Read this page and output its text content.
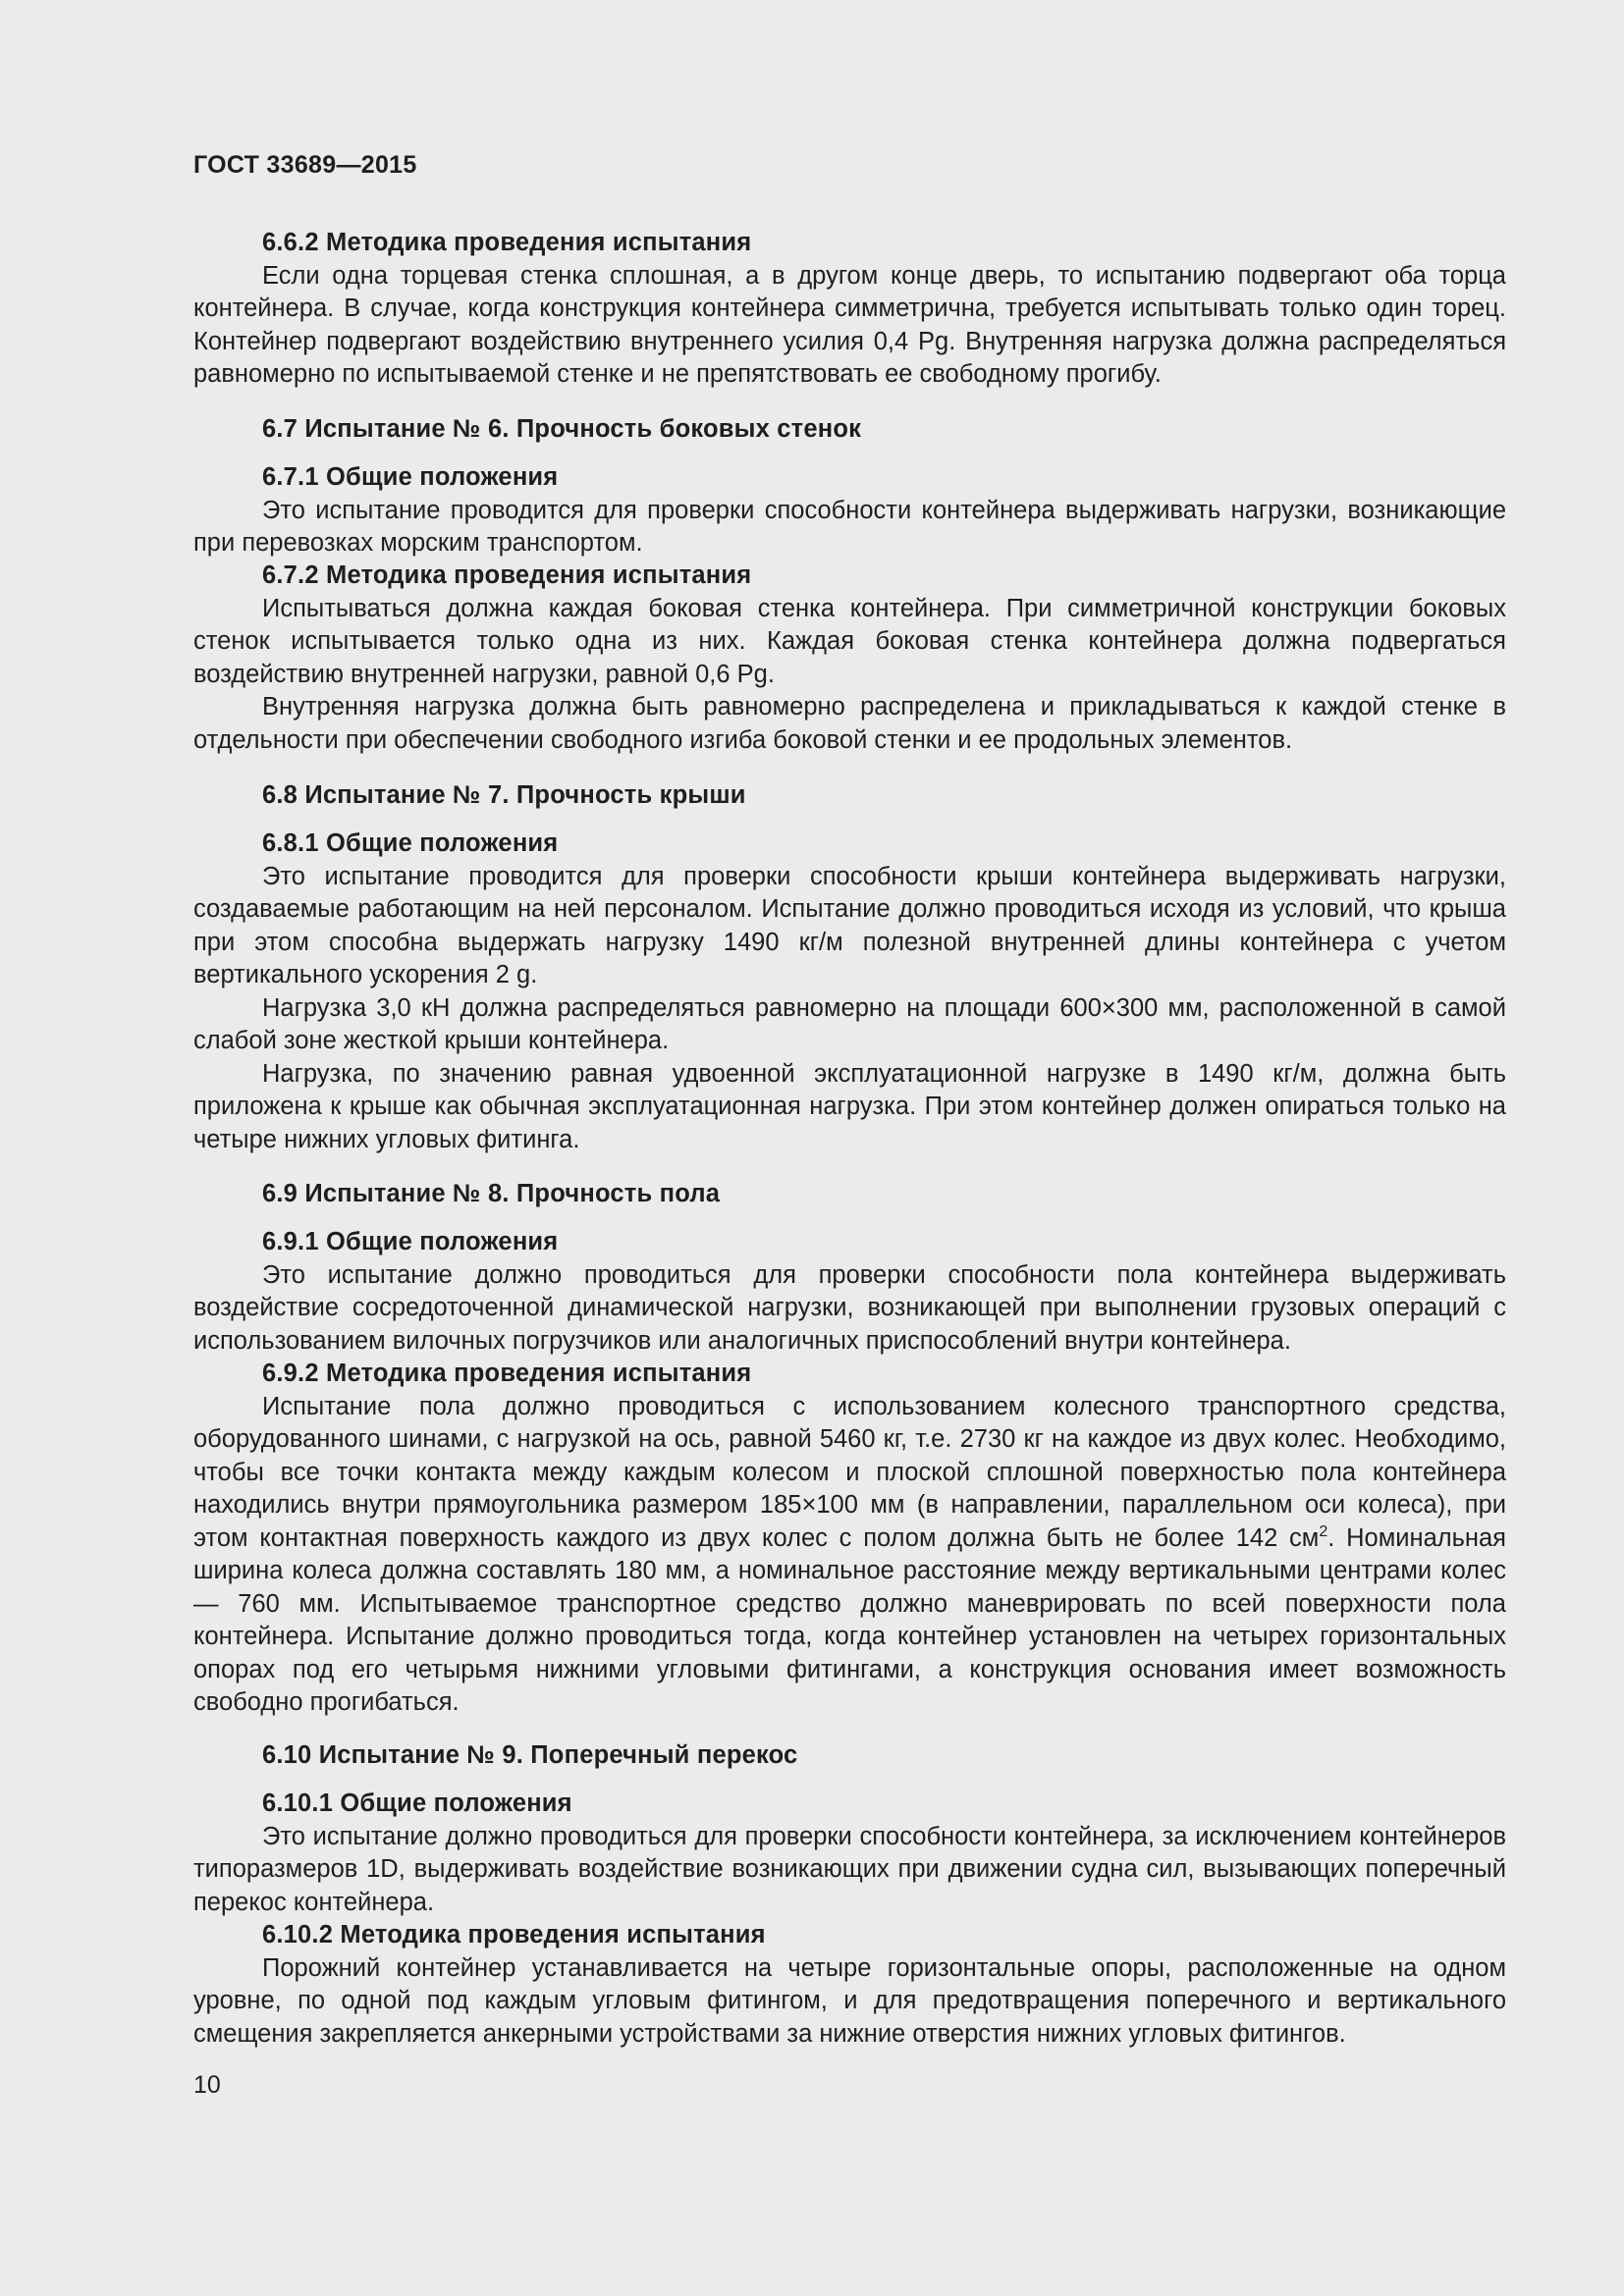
ГОСТ 33689—2015
6.6.2 Методика проведения испытания

Если одна торцевая стенка сплошная, а в другом конце дверь, то испытанию подвергают оба торца контейнера. В случае, когда конструкция контейнера симметрична, требуется испытывать только один торец. Контейнер подвергают воздействию внутреннего усилия 0,4 Pg. Внутренняя нагрузка должна распределяться равномерно по испытываемой стенке и не препятствовать ее свободному прогибу.

6.7 Испытание № 6. Прочность боковых стенок
6.7.1 Общие положения

Это испытание проводится для проверки способности контейнера выдерживать нагрузки, возникающие при перевозках морским транспортом.

6.7.2 Методика проведения испытания

Испытываться должна каждая боковая стенка контейнера. При симметричной конструкции боковых стенок испытывается только одна из них. Каждая боковая стенка контейнера должна подвергаться воздействию внутренней нагрузки, равной 0,6 Pg.

Внутренняя нагрузка должна быть равномерно распределена и прикладываться к каждой стенке в отдельности при обеспечении свободного изгиба боковой стенки и ее продольных элементов.

6.8 Испытание № 7. Прочность крыши
6.8.1 Общие положения

Это испытание проводится для проверки способности крыши контейнера выдерживать нагрузки, создаваемые работающим на ней персоналом. Испытание должно проводиться исходя из условий, что крыша при этом способна выдержать нагрузку 1490 кг/м полезной внутренней длины контейнера с учетом вертикального ускорения 2 g.

Нагрузка 3,0 кН должна распределяться равномерно на площади 600×300 мм, расположенной в самой слабой зоне жесткой крыши контейнера.

Нагрузка, по значению равная удвоенной эксплуатационной нагрузке в 1490 кг/м, должна быть приложена к крыше как обычная эксплуатационная нагрузка. При этом контейнер должен опираться только на четыре нижних угловых фитинга.

6.9 Испытание № 8. Прочность пола
6.9.1 Общие положения

Это испытание должно проводиться для проверки способности пола контейнера выдерживать воздействие сосредоточенной динамической нагрузки, возникающей при выполнении грузовых операций с использованием вилочных погрузчиков или аналогичных приспособлений внутри контейнера.

6.9.2 Методика проведения испытания

Испытание пола должно проводиться с использованием колесного транспортного средства, оборудованного шинами, с нагрузкой на ось, равной 5460 кг, т.е. 2730 кг на каждое из двух колес. Необходимо, чтобы все точки контакта между каждым колесом и плоской сплошной поверхностью пола контейнера находились внутри прямоугольника размером 185×100 мм (в направлении, параллельном оси колеса), при этом контактная поверхность каждого из двух колес с полом должна быть не более 142 $см^2$. Номинальная ширина колеса должна составлять 180 мм, а номинальное расстояние между вертикальными центрами колес — 760 мм. Испытываемое транспортное средство должно маневрировать по всей поверхности пола контейнера. Испытание должно проводиться тогда, когда контейнер установлен на четырех горизонтальных опорах под его четырьмя нижними угловыми фитингами, а конструкция основания имеет возможность свободно прогибаться.

6.10 Испытание № 9. Поперечный перекос
6.10.1 Общие положения

Это испытание должно проводиться для проверки способности контейнера, за исключением контейнеров типоразмеров 1D, выдерживать воздействие возникающих при движении судна сил, вызывающих поперечный перекос контейнера.

6.10.2 Методика проведения испытания

Порожний контейнер устанавливается на четыре горизонтальные опоры, расположенные на одном уровне, по одной под каждым угловым фитингом, и для предотвращения поперечного и вертикального смещения закрепляется анкерными устройствами за нижние отверстия нижних угловых фитингов.

10
